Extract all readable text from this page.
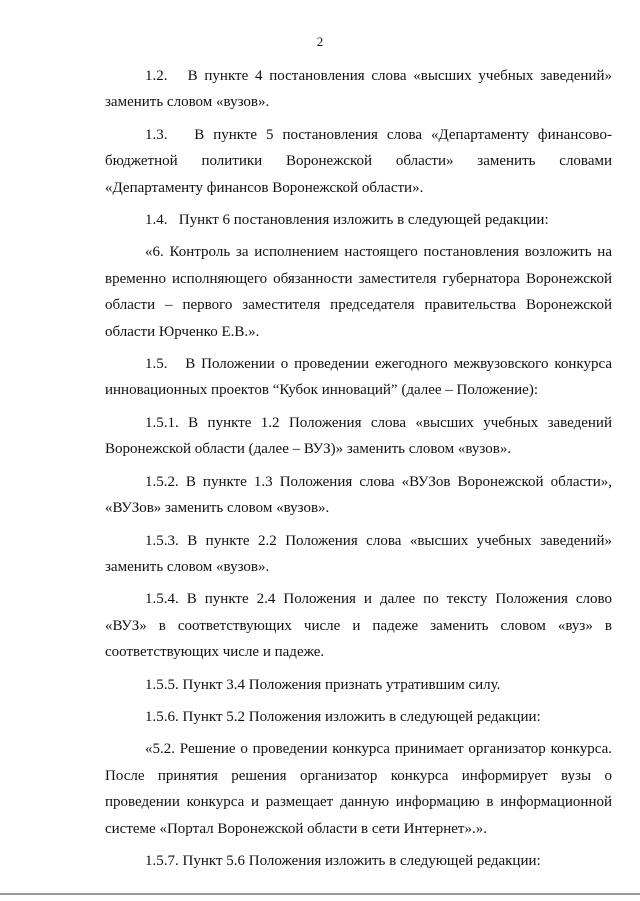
2

1.2.   В пункте 4 постановления слова «высших учебных заведений» заменить словом «вузов».

1.3.   В пункте 5 постановления слова «Департаменту финансово-бюджетной политики Воронежской области» заменить словами «Департаменту финансов Воронежской области».

1.4.   Пункт 6 постановления изложить в следующей редакции:

«6. Контроль за исполнением настоящего постановления возложить на временно исполняющего обязанности заместителя губернатора Воронежской области – первого заместителя председателя правительства Воронежской области Юрченко Е.В.».

1.5.   В Положении о проведении ежегодного межвузовского конкурса инновационных проектов “Кубок инноваций” (далее – Положение):

1.5.1. В пункте 1.2 Положения слова «высших учебных заведений Воронежской области (далее – ВУЗ)» заменить словом «вузов».

1.5.2. В пункте 1.3 Положения слова «ВУЗов Воронежской области», «ВУЗов» заменить словом «вузов».

1.5.3. В пункте 2.2 Положения слова «высших учебных заведений» заменить словом «вузов».

1.5.4. В пункте 2.4 Положения и далее по тексту Положения слово «ВУЗ» в соответствующих числе и падеже заменить словом «вуз» в соответствующих числе и падеже.

1.5.5. Пункт 3.4 Положения признать утратившим силу.

1.5.6. Пункт 5.2 Положения изложить в следующей редакции:

«5.2. Решение о проведении конкурса принимает организатор конкурса. После принятия решения организатор конкурса информирует вузы о проведении конкурса и размещает данную информацию в информационной системе «Портал Воронежской области в сети Интернет».».

1.5.7. Пункт 5.6 Положения изложить в следующей редакции:
